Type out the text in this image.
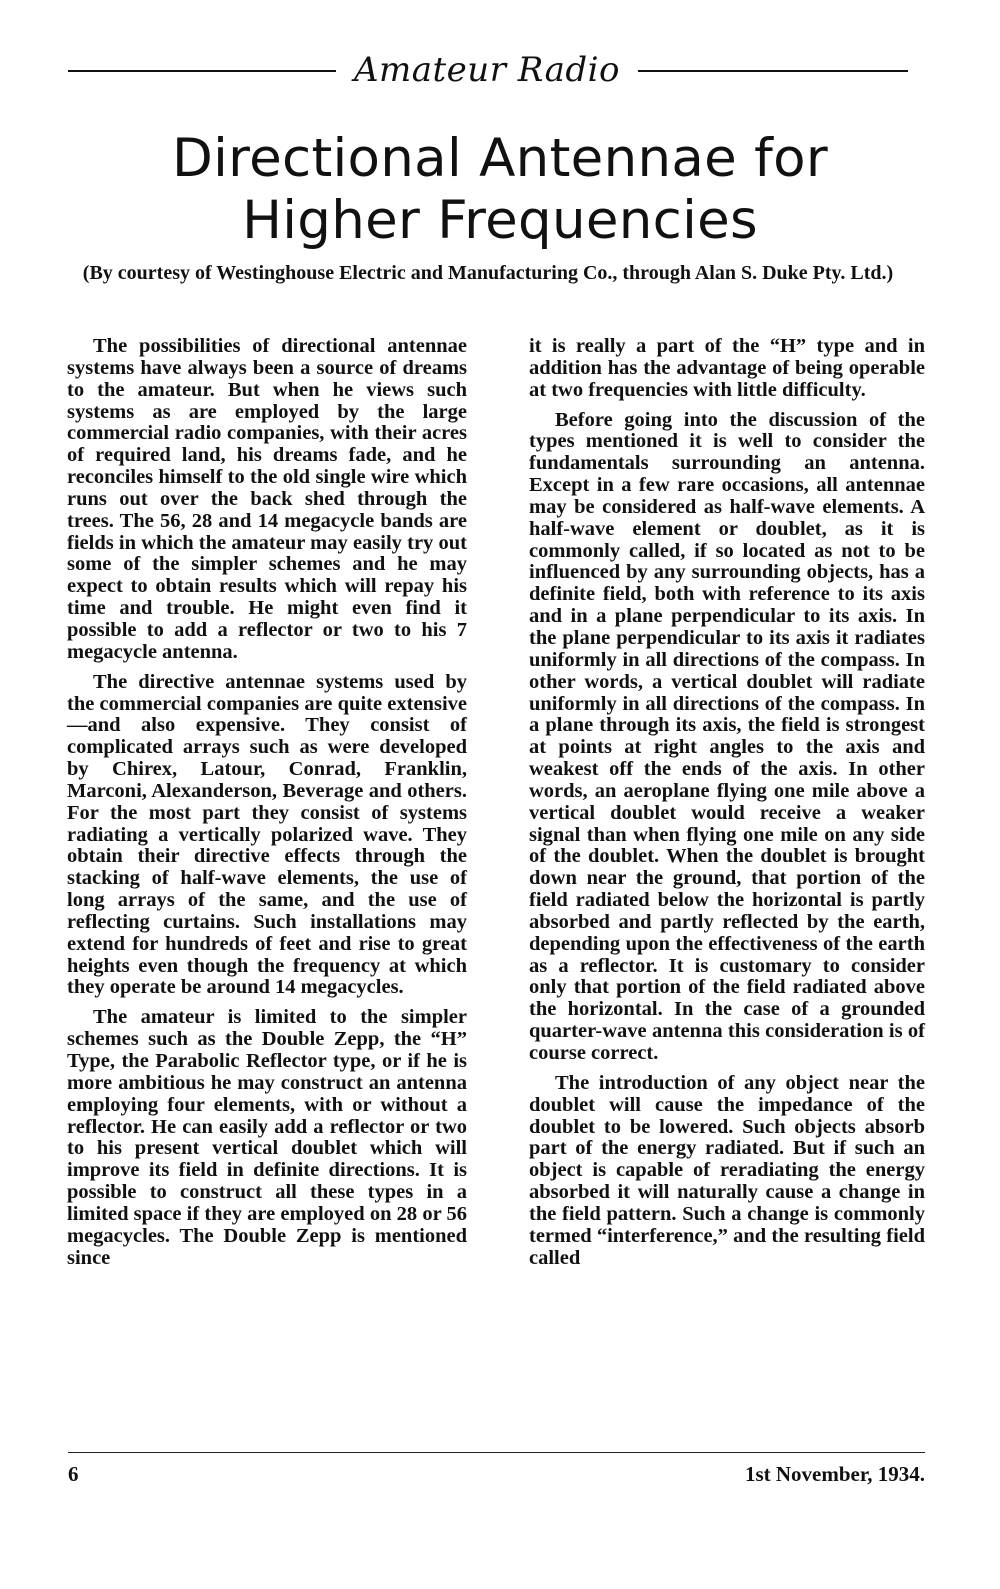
Amateur Radio
Directional Antennae for
Higher Frequencies
(By courtesy of Westinghouse Electric and Manufacturing Co., through Alan S. Duke Pty. Ltd.)

The possibilities of directional antennae systems have always been a source of dreams to the amateur. But when he views such systems as are employed by the large commercial radio companies, with their acres of required land, his dreams fade, and he reconciles himself to the old single wire which runs out over the back shed through the trees. The 56, 28 and 14 megacycle bands are fields in which the amateur may easily try out some of the simpler schemes and he may expect to obtain results which will repay his time and trouble. He might even find it possible to add a reflector or two to his 7 megacycle antenna.

The directive antennae systems used by the commercial companies are quite extensive—and also expensive. They consist of complicated arrays such as were developed by Chirex, Latour, Conrad, Franklin, Marconi, Alexanderson, Beverage and others. For the most part they consist of systems radiating a vertically polarized wave. They obtain their directive effects through the stacking of half-wave elements, the use of long arrays of the same, and the use of reflecting curtains. Such installations may extend for hundreds of feet and rise to great heights even though the frequency at which they operate be around 14 megacycles.

The amateur is limited to the simpler schemes such as the Double Zepp, the “H” Type, the Parabolic Reflector type, or if he is more ambitious he may construct an antenna employing four elements, with or without a reflector. He can easily add a reflector or two to his present vertical doublet which will improve its field in definite directions. It is possible to construct all these types in a limited space if they are employed on 28 or 56 megacycles. The Double Zepp is mentioned since

it is really a part of the “H” type and in addition has the advantage of being operable at two frequencies with little difficulty.

Before going into the discussion of the types mentioned it is well to consider the fundamentals surrounding an antenna. Except in a few rare occasions, all antennae may be considered as half-wave elements. A half-wave element or doublet, as it is commonly called, if so located as not to be influenced by any surrounding objects, has a definite field, both with reference to its axis and in a plane perpendicular to its axis. In the plane perpendicular to its axis it radiates uniformly in all directions of the compass. In other words, a vertical doublet will radiate uniformly in all directions of the compass. In a plane through its axis, the field is strongest at points at right angles to the axis and weakest off the ends of the axis. In other words, an aeroplane flying one mile above a vertical doublet would receive a weaker signal than when flying one mile on any side of the doublet. When the doublet is brought down near the ground, that portion of the field radiated below the horizontal is partly absorbed and partly reflected by the earth, depending upon the effectiveness of the earth as a reflector. It is customary to consider only that portion of the field radiated above the horizontal. In the case of a grounded quarter-wave antenna this consideration is of course correct.

The introduction of any object near the doublet will cause the impedance of the doublet to be lowered. Such objects absorb part of the energy radiated. But if such an object is capable of reradiating the energy absorbed it will naturally cause a change in the field pattern. Such a change is commonly termed “interference,” and the resulting field called

6	1st November, 1934.
